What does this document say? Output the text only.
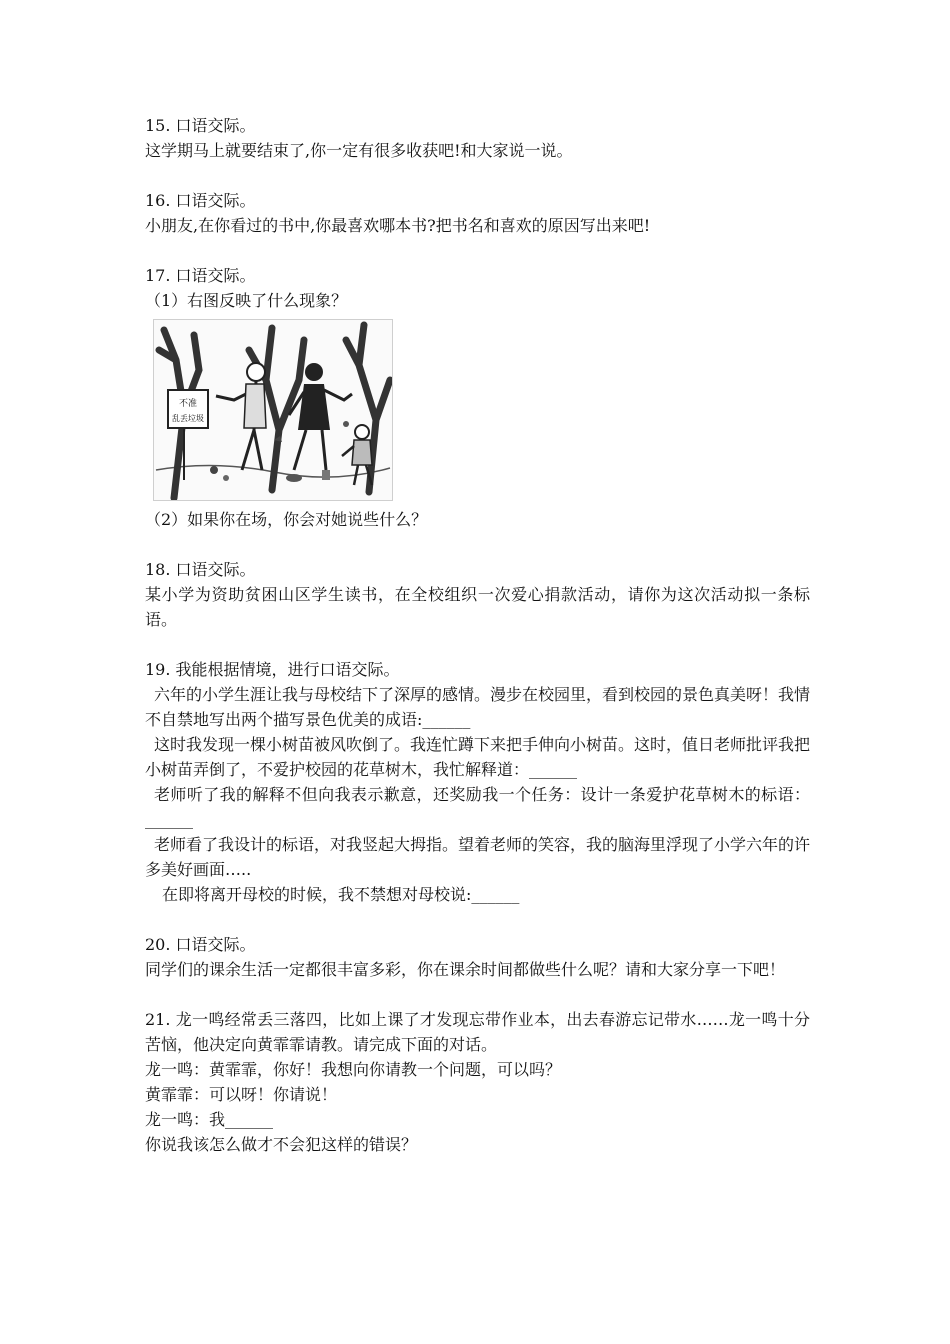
15. 口语交际。

这学期马上就要结束了,你一定有很多收获吧!和大家说一说。

16. 口语交际。

小朋友,在你看过的书中,你最喜欢哪本书?把书名和喜欢的原因写出来吧!

17. 口语交际。

（1）右图反映了什么现象？

不准
乱丢垃圾

（2）如果你在场，你会对她说些什么？

18. 口语交际。

某小学为资助贫困山区学生读书，在全校组织一次爱心捐款活动，请你为这次活动拟一条标语。

19. 我能根据情境，进行口语交际。

六年的小学生涯让我与母校结下了深厚的感情。漫步在校园里，看到校园的景色真美呀！我情不自禁地写出两个描写景色优美的成语:______

这时我发现一棵小树苗被风吹倒了。我连忙蹲下来把手伸向小树苗。这时，值日老师批评我把小树苗弄倒了，不爱护校园的花草树木，我忙解释道：______

老师听了我的解释不但向我表示歉意，还奖励我一个任务：设计一条爱护花草树木的标语：______

老师看了我设计的标语，对我竖起大拇指。望着老师的笑容，我的脑海里浮现了小学六年的许多美好画面…..

在即将离开母校的时候，我不禁想对母校说:______

20. 口语交际。

同学们的课余生活一定都很丰富多彩，你在课余时间都做些什么呢？请和大家分享一下吧！

21. 龙一鸣经常丢三落四，比如上课了才发现忘带作业本，出去春游忘记带水……龙一鸣十分苦恼，他决定向黄霏霏请教。请完成下面的对话。

龙一鸣：黄霏霏，你好！我想向你请教一个问题，可以吗？

黄霏霏：可以呀！你请说！

龙一鸣：我______

你说我该怎么做才不会犯这样的错误？
